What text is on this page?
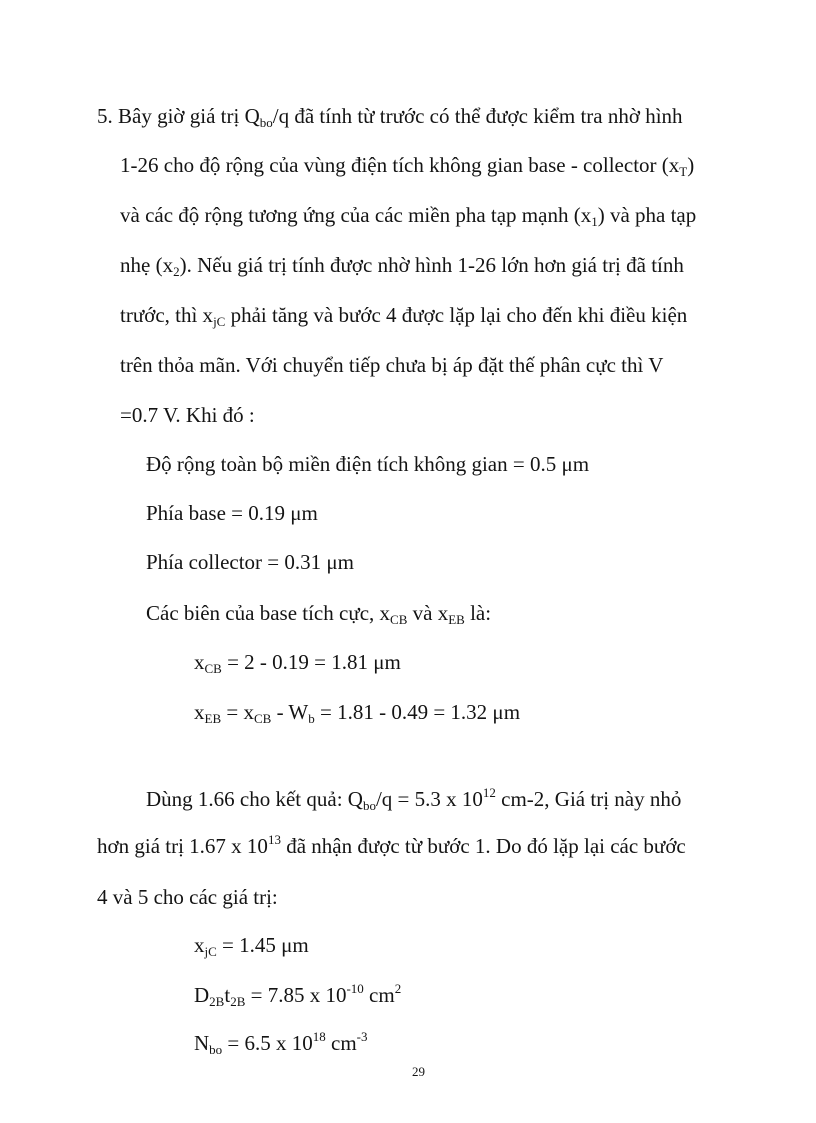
5. Bây giờ giá trị $Q_{bo}/q$ đã tính từ trước có thể được kiểm tra nhờ hình
1-26 cho độ rộng của vùng điện tích không gian base - collector $(x_T)$
và các độ rộng tương ứng của các miền pha tạp mạnh $(x_1)$ và pha tạp
nhẹ $(x_2)$. Nếu giá trị tính được nhờ hình 1-26 lớn hơn giá trị đã tính
trước, thì $x_{jC}$ phải tăng và bước 4 được lặp lại cho đến khi điều kiện
trên thỏa mãn. Với chuyển tiếp chưa bị áp đặt thế phân cực thì V
=0.7 V. Khi đó :
Độ rộng toàn bộ miền điện tích không gian = 0.5 μm
Phía base = 0.19 μm
Phía collector = 0.31 μm
Các biên của base tích cực, $x_{CB}$ và $x_{EB}$ là:
$x_{CB} = 2 - 0.19 = 1.81$ μm
$x_{EB} = x_{CB} - W_b = 1.81 - 0.49 = 1.32$ μm
Dùng 1.66 cho kết quả: $Q_{bo}/q = 5.3$ x $10^{12}$ cm-2, Giá trị này nhỏ
hơn giá trị 1.67 x $10^{13}$ đã nhận được từ bước 1. Do đó lặp lại các bước
4 và 5 cho các giá trị:
$x_{jC} = 1.45$ μm
$D_{2B}t_{2B} = 7.85$ x $10^{-10}$ $cm^2$
$N_{bo} = 6.5$ x $10^{18}$ $cm^{-3}$
29
